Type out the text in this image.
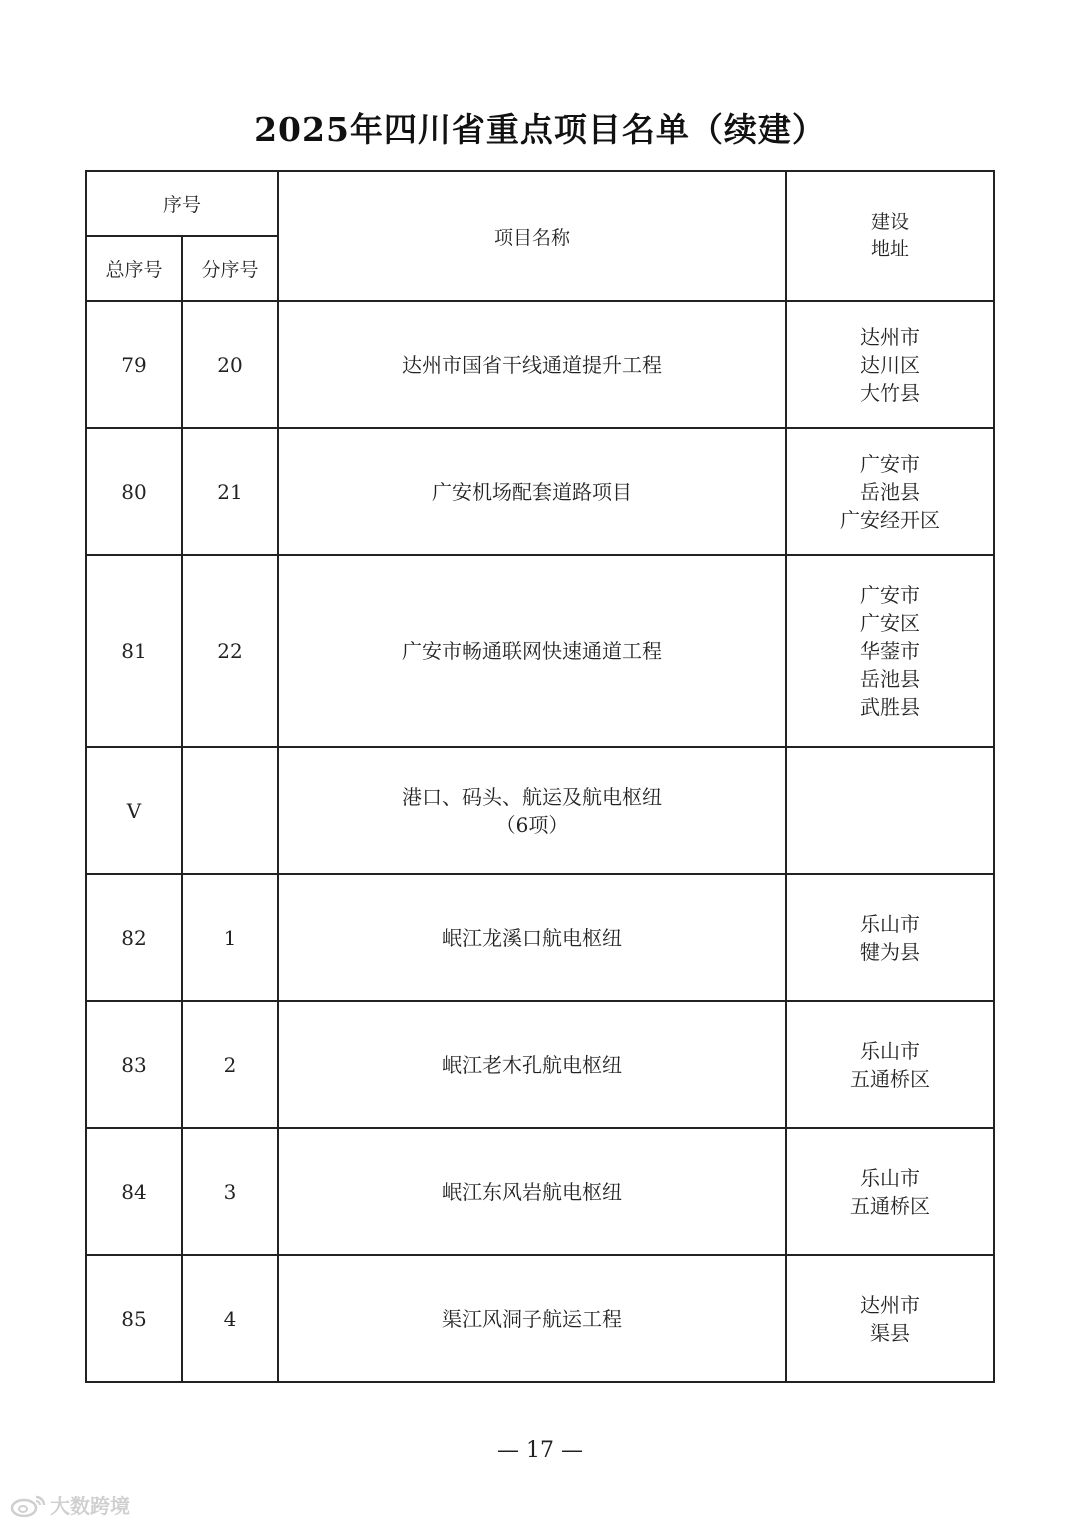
2025年四川省重点项目名单（续建）
序号		项目名称	建设
地址

总序号	分序号		
79	20	达州市国省干线通道提升工程	达州市
达川区
大竹县

80	21	广安机场配套道路项目	广安市
岳池县
广安经开区

81	22	广安市畅通联网快速通道工程	广安市
广安区
华蓥市
岳池县
武胜县

V		港口、码头、航运及航电枢纽
（6项）	

82	1	岷江龙溪口航电枢纽	乐山市
犍为县

83	2	岷江老木孔航电枢纽	乐山市
五通桥区

84	3	岷江东风岩航电枢纽	乐山市
五通桥区

85	4	渠江风洞子航运工程	达州市
渠县
— 17 —
大数跨境
